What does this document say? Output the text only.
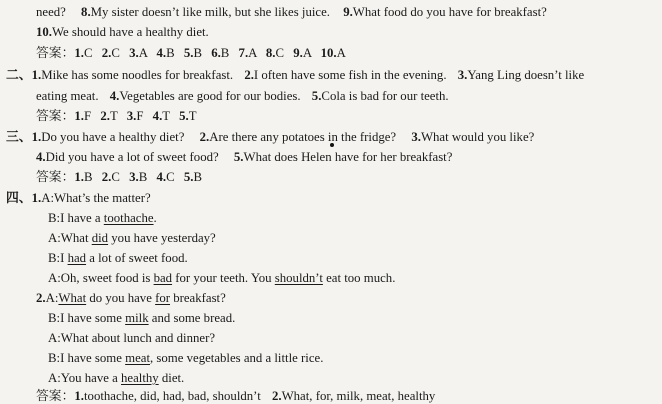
need? 8.My sister doesn’t like milk, but she likes juice. 9.What food do you have for breakfast?
10.We should have a healthy diet.
答案：1.C 2.C 3.A 4.B 5.B 6.B 7.A 8.C 9.A 10.A
二、1.Mike has some noodles for breakfast. 2.I often have some fish in the evening. 3.Yang Ling doesn’t like
eating meat. 4.Vegetables are good for our bodies. 5.Cola is bad for our teeth.
答案：1.F 2.T 3.F 4.T 5.T
三、1.Do you have a healthy diet? 2.Are there any potatoes in the fridge? 3.What would you like?
4.Did you have a lot of sweet food? 5.What does Helen have for her breakfast?
答案：1.B 2.C 3.B 4.C 5.B
四、1.A:What’s the matter?
B:I have a toothache.
A:What did you have yesterday?
B:I had a lot of sweet food.
A:Oh, sweet food is bad for your teeth. You shouldn’t eat too much.
2.A:What do you have for breakfast?
B:I have some milk and some bread.
A:What about lunch and dinner?
B:I have some meat, some vegetables and a little rice.
A:You have a healthy diet.
答案：1.toothache, did, had, bad, shouldn’t 2.What, for, milk, meat, healthy
